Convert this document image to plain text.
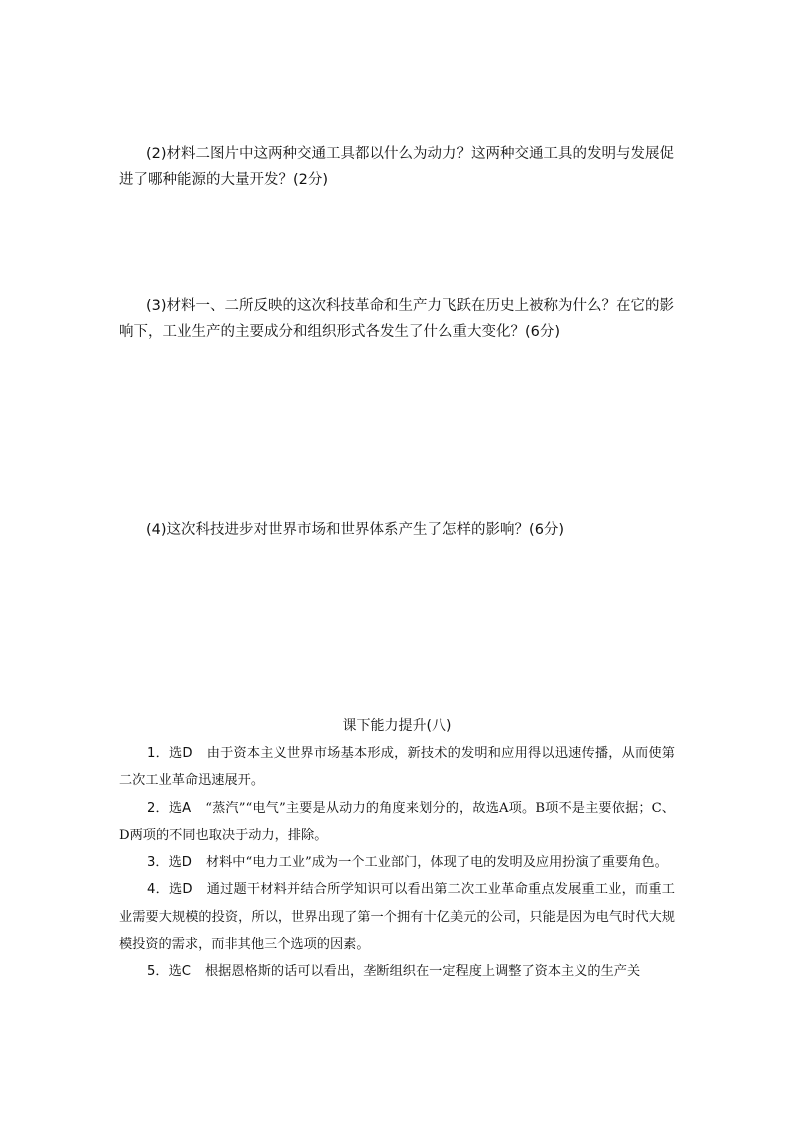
(2)材料二图片中这两种交通工具都以什么为动力？这两种交通工具的发明与发展促进了哪种能源的大量开发？(2分)

(3)材料一、二所反映的这次科技革命和生产力飞跃在历史上被称为什么？在它的影响下，工业生产的主要成分和组织形式各发生了什么重大变化？(6分)

(4)这次科技进步对世界市场和世界体系产生了怎样的影响？(6分)

课下能力提升(八)

1．选D 由于资本主义世界市场基本形成，新技术的发明和应用得以迅速传播，从而使第二次工业革命迅速展开。

2．选A “蒸汽”“电气”主要是从动力的角度来划分的，故选A项。B项不是主要依据；C、D两项的不同也取决于动力，排除。

3．选D 材料中“电力工业”成为一个工业部门，体现了电的发明及应用扮演了重要角色。

4．选D 通过题干材料并结合所学知识可以看出第二次工业革命重点发展重工业，而重工业需要大规模的投资，所以，世界出现了第一个拥有十亿美元的公司，只能是因为电气时代大规模投资的需求，而非其他三个选项的因素。

5．选C 根据恩格斯的话可以看出，垄断组织在一定程度上调整了资本主义的生产关
